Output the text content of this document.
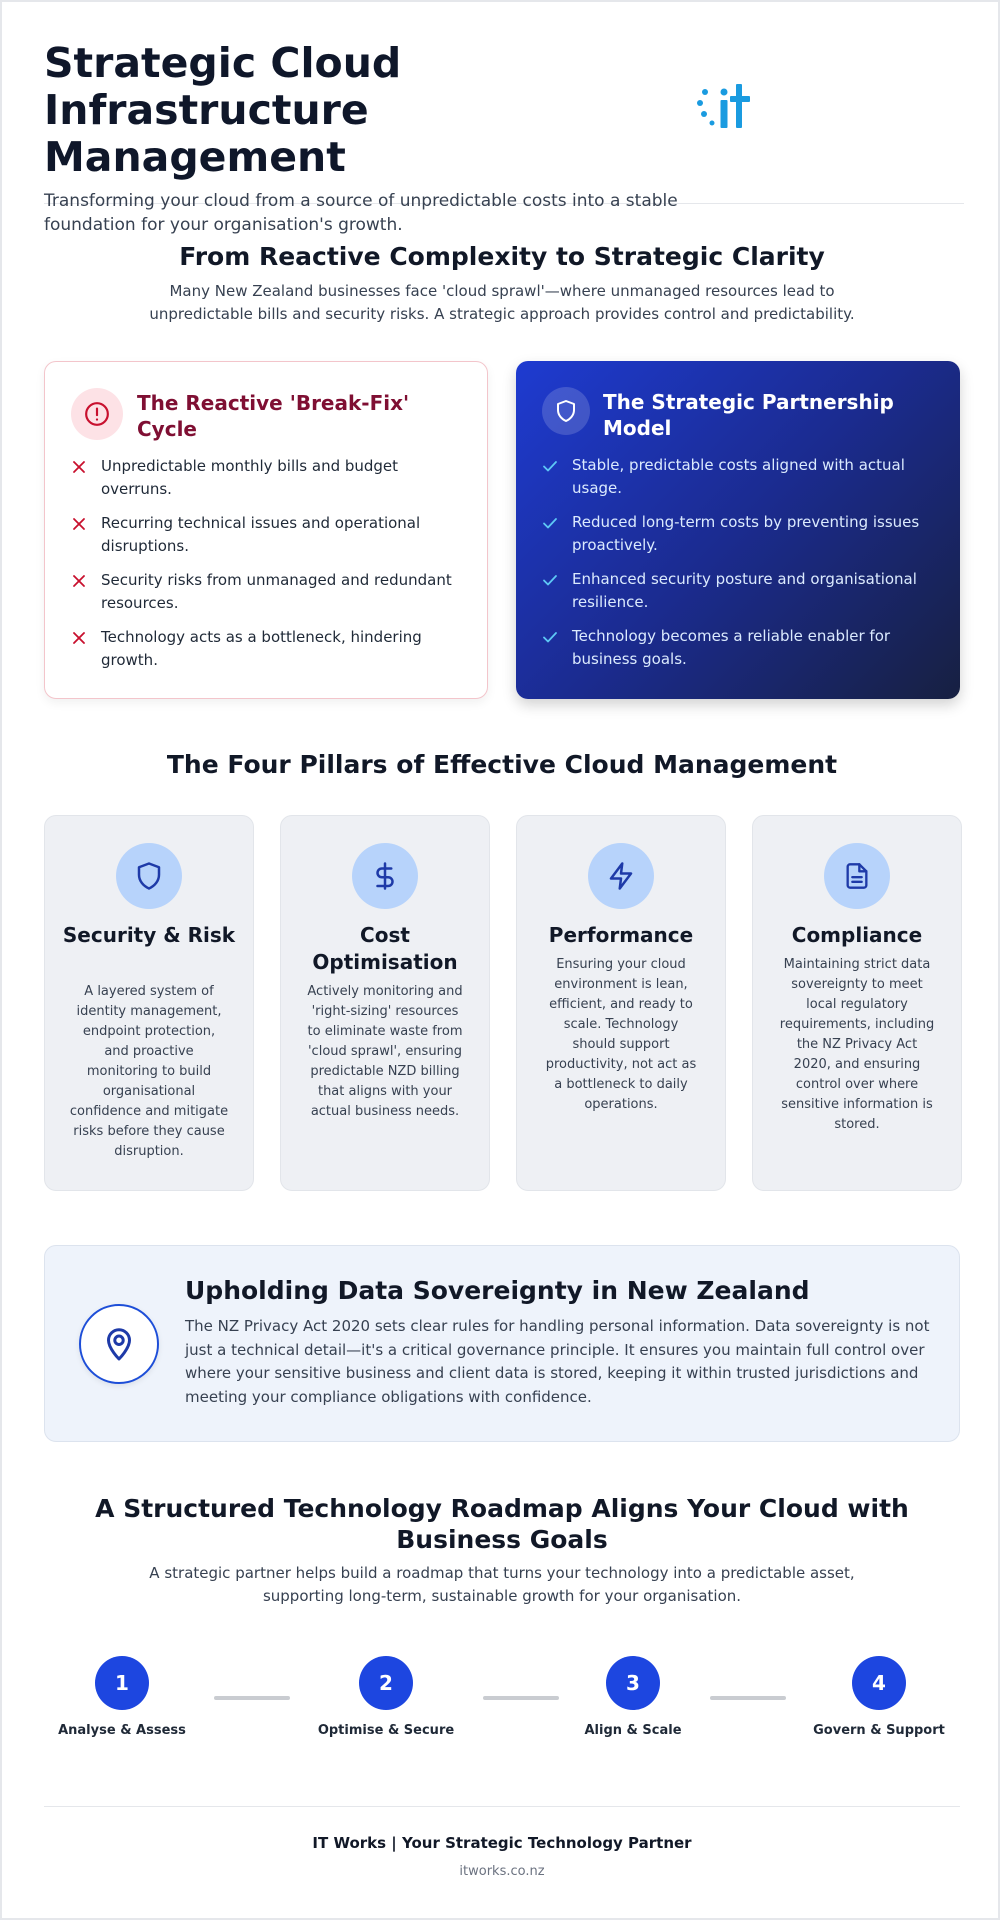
Strategic Cloud Infrastructure Management

Transforming your cloud from a source of unpredictable costs into a stable foundation for your organisation's growth.

From Reactive Complexity to Strategic Clarity

Many New Zealand businesses face 'cloud sprawl'—where unmanaged resources lead to unpredictable bills and security risks. A strategic approach provides control and predictability.

The Reactive 'Break-Fix' Cycle
Unpredictable monthly bills and budget overruns.
Recurring technical issues and operational disruptions.
Security risks from unmanaged and redundant resources.
Technology acts as a bottleneck, hindering growth.
The Strategic Partnership Model
Stable, predictable costs aligned with actual usage.
Reduced long-term costs by preventing issues proactively.
Enhanced security posture and organisational resilience.
Technology becomes a reliable enabler for business goals.
The Four Pillars of Effective Cloud Management
Security & Risk

A layered system of identity management, endpoint protection, and proactive monitoring to build organisational confidence and mitigate risks before they cause disruption.

Cost Optimisation

Actively monitoring and 'right-sizing' resources to eliminate waste from 'cloud sprawl', ensuring predictable NZD billing that aligns with your actual business needs.

Performance

Ensuring your cloud environment is lean, efficient, and ready to scale. Technology should support productivity, not act as a bottleneck to daily operations.

Compliance

Maintaining strict data sovereignty to meet local regulatory requirements, including the NZ Privacy Act 2020, and ensuring control over where sensitive information is stored.

Upholding Data Sovereignty in New Zealand

The NZ Privacy Act 2020 sets clear rules for handling personal information. Data sovereignty is not just a technical detail—it's a critical governance principle. It ensures you maintain full control over where your sensitive business and client data is stored, keeping it within trusted jurisdictions and meeting your compliance obligations with confidence.

A Structured Technology Roadmap Aligns Your Cloud with Business Goals

A strategic partner helps build a roadmap that turns your technology into a predictable asset, supporting long-term, sustainable growth for your organisation.

1
Analyse & Assess
2
Optimise & Secure
3
Align & Scale
4
Govern & Support
IT Works | Your Strategic Technology Partner
itworks.co.nz
